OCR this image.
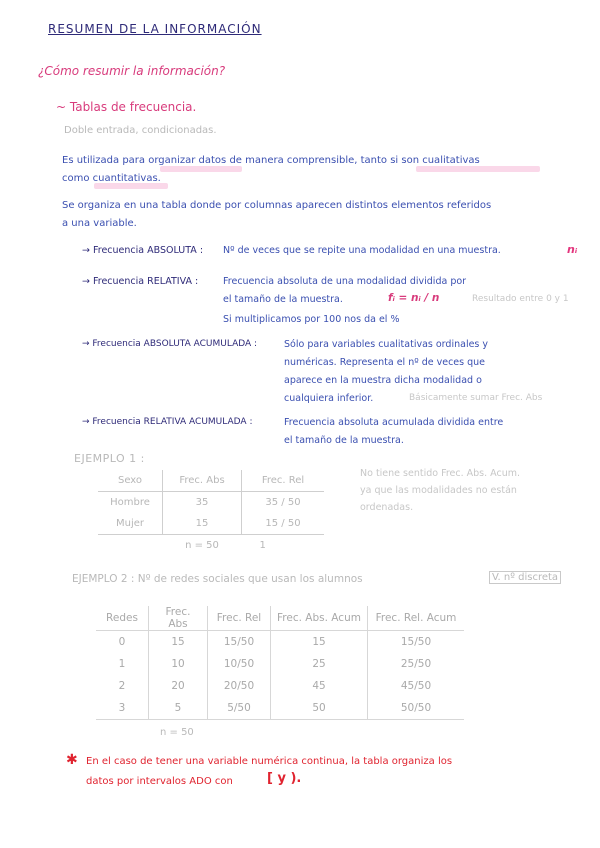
RESUMEN DE LA INFORMACIÓN
¿Cómo resumir la información?
~ Tablas de frecuencia.
Doble entrada, condicionadas.
Es utilizada para organizar datos de manera comprensible, tanto si son cualitativas
como cuantitativas.
Se organiza en una tabla donde por columnas aparecen distintos elementos referidos
a una variable.
→ Frecuencia ABSOLUTA : Nº de veces que se repite una modalidad en una muestra.	nᵢ
→ Frecuencia RELATIVA :	Frecuencia absoluta de una modalidad dividida por
el tamaño de la muestra.	fᵢ = nᵢ / n	Resultado entre 0 y 1
Si multiplicamos por 100 nos da el %
→ Frecuencia ABSOLUTA ACUMULADA :	Sólo para variables cualitativas ordinales y
numéricas. Representa el nº de veces que
aparece en la muestra dicha modalidad o
cualquiera inferior.	Básicamente sumar Frec. Abs
→ Frecuencia RELATIVA ACUMULADA :	Frecuencia absoluta acumulada dividida entre
el tamaño de la muestra.
EJEMPLO 1 :
Sexo	Frec. Abs	Frec. Rel
Hombre	35	35 / 50
Mujer	15	15 / 50
	n = 50	1
No tiene sentido Frec. Abs. Acum.
ya que las modalidades no están
ordenadas.
EJEMPLO 2 : Nº de redes sociales que usan los alumnos	V. nº discreta
Redes	Frec. Abs	Frec. Rel	Frec. Abs. Acum	Frec. Rel. Acum
0	15	15/50	15	15/50
1	10	10/50	25	25/50
2	20	20/50	45	45/50
3	5	5/50	50	50/50
n = 50
✱ En el caso de tener una variable numérica continua, la tabla organiza los
datos por intervalos ADO con	[ y ).
